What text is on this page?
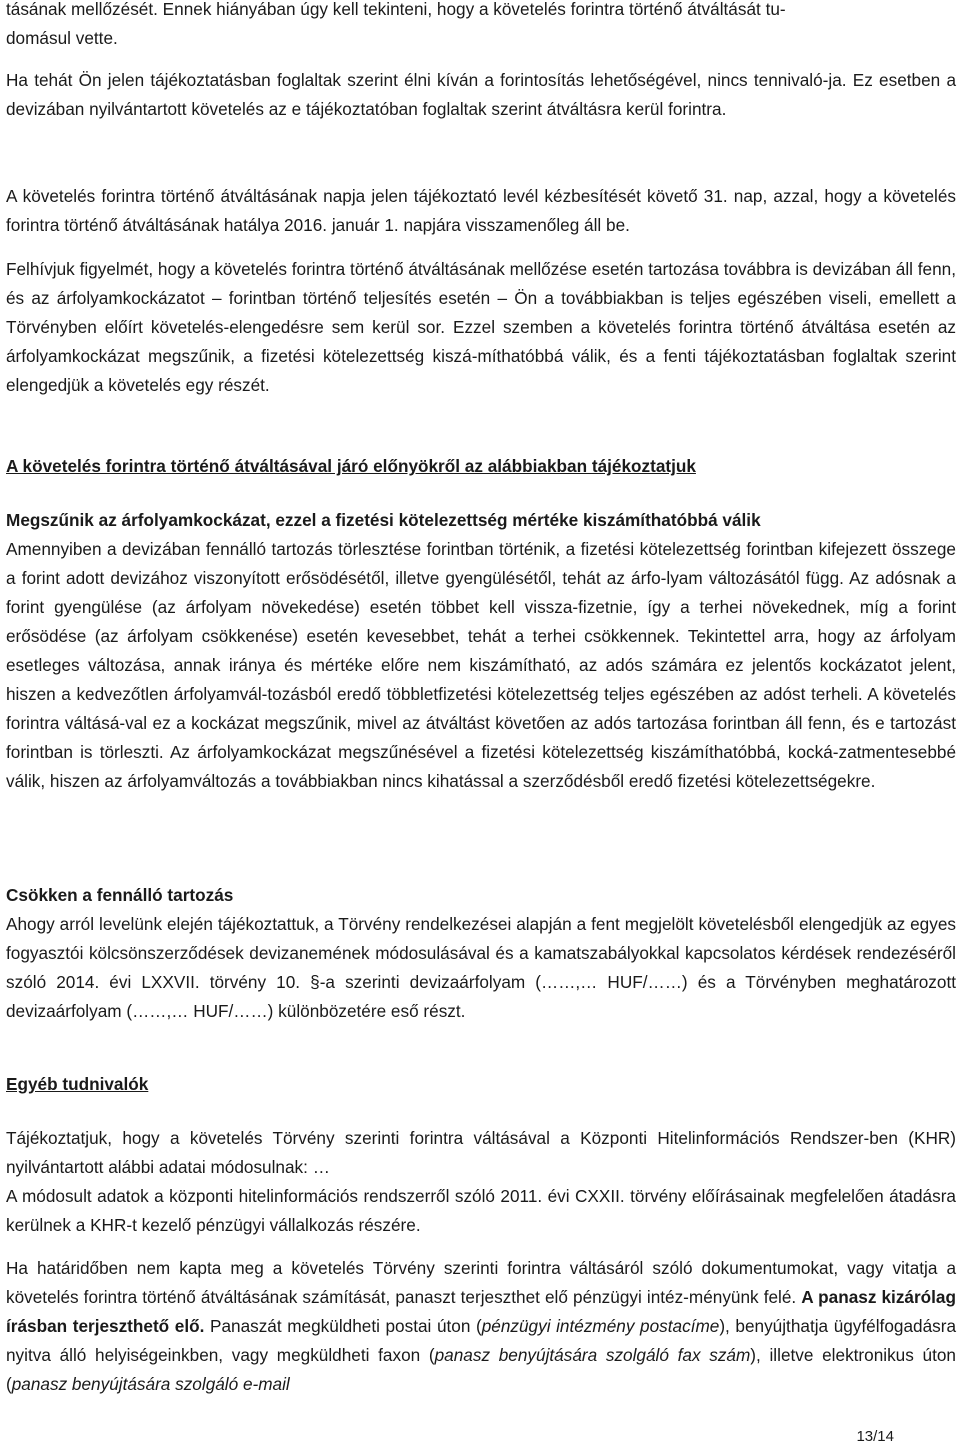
tásának mellőzését. Ennek hiányában úgy kell tekinteni, hogy a követelés forintra történő átváltását tu-
domásul vette.

Ha tehát Ön jelen tájékoztatásban foglaltak szerint élni kíván a forintosítás lehetőségével, nincs tennivaló-ja. Ez esetben a devizában nyilvántartott követelés az e tájékoztatóban foglaltak szerint átváltásra kerül forintra.

A követelés forintra történő átváltásának napja jelen tájékoztató levél kézbesítését követő 31. nap, azzal, hogy a követelés forintra történő átváltásának hatálya 2016. január 1. napjára visszamenőleg áll be.

Felhívjuk figyelmét, hogy a követelés forintra történő átváltásának mellőzése esetén tartozása továbbra is devizában áll fenn, és az árfolyamkockázatot – forintban történő teljesítés esetén – Ön a továbbiakban is teljes egészében viseli, emellett a Törvényben előírt követelés-elengedésre sem kerül sor. Ezzel szemben a követelés forintra történő átváltása esetén az árfolyamkockázat megszűnik, a fizetési kötelezettség kiszá-míthatóbbá válik, és a fenti tájékoztatásban foglaltak szerint elengedjük a követelés egy részét.

A követelés forintra történő átváltásával járó előnyökről az alábbiakban tájékoztatjuk

Megszűnik az árfolyamkockázat, ezzel a fizetési kötelezettség mértéke kiszámíthatóbbá válik
Amennyiben a devizában fennálló tartozás törlesztése forintban történik, a fizetési kötelezettség forintban kifejezett összege a forint adott devizához viszonyított erősödésétől, illetve gyengülésétől, tehát az árfo-lyam változásától függ. Az adósnak a forint gyengülése (az árfolyam növekedése) esetén többet kell vissza-fizetnie, így a terhei növekednek, míg a forint erősödése (az árfolyam csökkenése) esetén kevesebbet, tehát a terhei csökkennek. Tekintettel arra, hogy az árfolyam esetleges változása, annak iránya és mértéke előre nem kiszámítható, az adós számára ez jelentős kockázatot jelent, hiszen a kedvezőtlen árfolyamvál-tozásból eredő többletfizetési kötelezettség teljes egészében az adóst terheli. A követelés forintra váltásá-val ez a kockázat megszűnik, mivel az átváltást követően az adós tartozása forintban áll fenn, és e tartozást forintban is törleszti. Az árfolyamkockázat megszűnésével a fizetési kötelezettség kiszámíthatóbbá, kocká-zatmentesebbé válik, hiszen az árfolyamváltozás a továbbiakban nincs kihatással a szerződésből eredő fizetési kötelezettségekre.
Csökken a fennálló tartozás
Ahogy arról levelünk elején tájékoztattuk, a Törvény rendelkezései alapján a fent megjelölt követelésből elengedjük az egyes fogyasztói kölcsönszerződések devizanemének módosulásával és a kamatszabályokkal kapcsolatos kérdések rendezéséről szóló 2014. évi LXXVII. törvény 10. §-a szerinti devizaárfolyam (……,… HUF/……) és a Törvényben meghatározott devizaárfolyam (……,… HUF/……) különbözetére eső részt.

Egyéb tudnivalók

Tájékoztatjuk, hogy a követelés Törvény szerinti forintra váltásával a Központi Hitelinformációs Rendszer-ben (KHR) nyilvántartott alábbi adatai módosulnak: …
A módosult adatok a központi hitelinformációs rendszerről szóló 2011. évi CXXII. törvény előírásainak megfelelően átadásra kerülnek a KHR-t kezelő pénzügyi vállalkozás részére.

Ha határidőben nem kapta meg a követelés Törvény szerinti forintra váltásáról szóló dokumentumokat, vagy vitatja a követelés forintra történő átváltásának számítását, panaszt terjeszthet elő pénzügyi intéz-ményünk felé. A panasz kizárólag írásban terjeszthető elő. Panaszát megküldheti postai úton (pénzügyi intézmény postacíme), benyújthatja ügyfélfogadásra nyitva álló helyiségeinkben, vagy megküldheti faxon (panasz benyújtására szolgáló fax szám), illetve elektronikus úton (panasz benyújtására szolgáló e-mail

13/14
